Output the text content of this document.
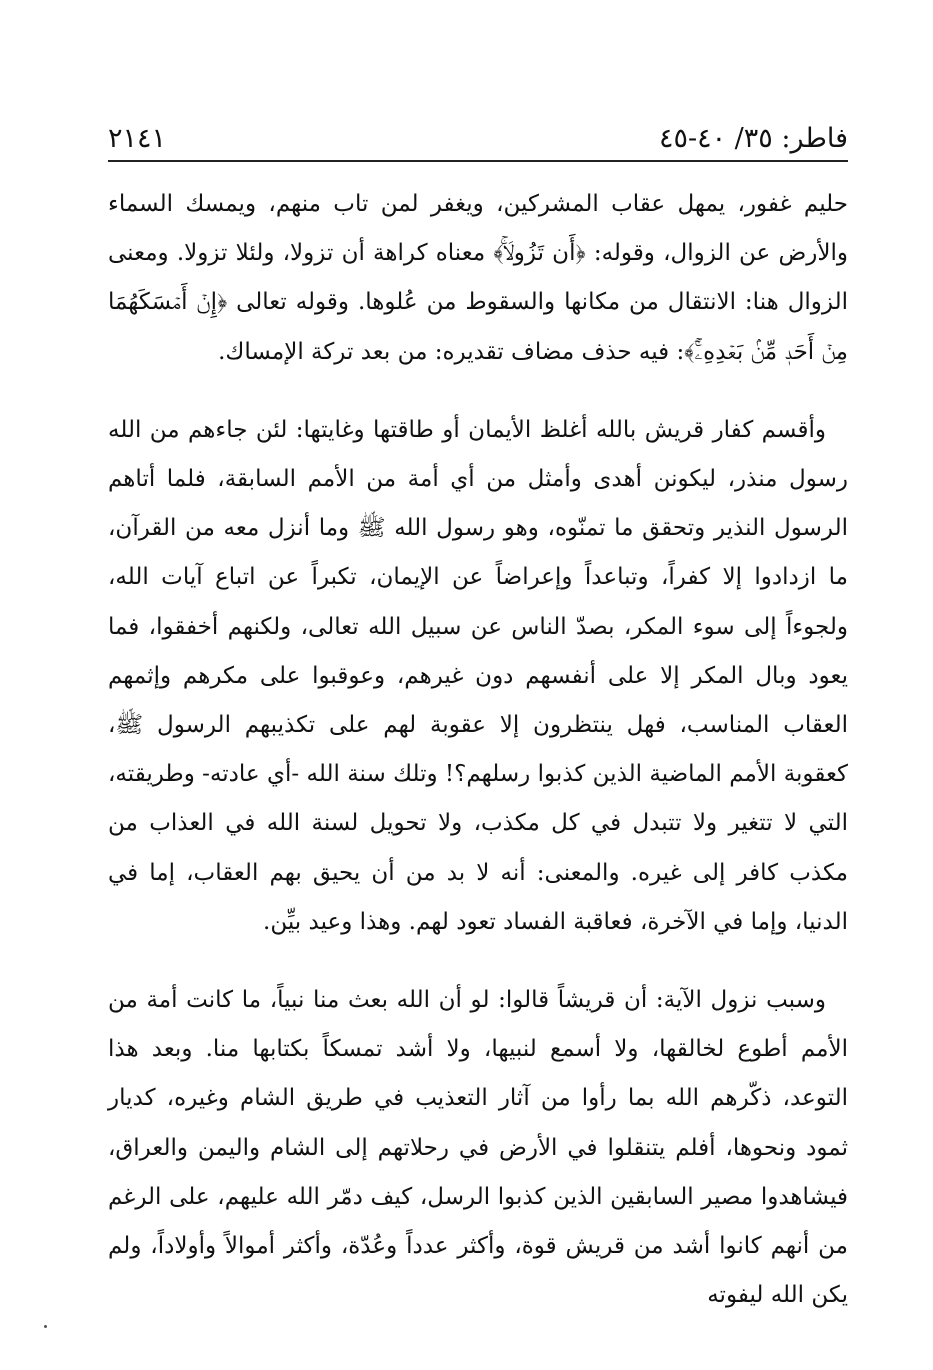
فاطر: ٣٥/ ٤٠-٤٥
٢١٤١

حليم غفور، يمهل عقاب المشركين، ويغفر لمن تاب منهم، ويمسك السماء والأرض عن الزوال، وقوله: ﴿أَن تَزُولَاۚ﴾ معناه كراهة أن تزولا، ولئلا تزولا. ومعنى الزوال هنا: الانتقال من مكانها والسقوط من عُلوها. وقوله تعالى ﴿إِنۡ أَمۡسَكَهُمَا مِنۡ أَحَدٖ مِّنۢ بَعۡدِهِۦٓۚ﴾: فيه حذف مضاف تقديره: من بعد تركة الإمساك.

وأقسم كفار قريش بالله أغلظ الأيمان أو طاقتها وغايتها: لئن جاءهم من الله رسول منذر، ليكونن أهدى وأمثل من أي أمة من الأمم السابقة، فلما أتاهم الرسول النذير وتحقق ما تمنّوه، وهو رسول الله ﷺ وما أنزل معه من القرآن، ما ازدادوا إلا كفراً، وتباعداً وإعراضاً عن الإيمان، تكبراً عن اتباع آيات الله، ولجوءاً إلى سوء المكر، بصدّ الناس عن سبيل الله تعالى، ولكنهم أخفقوا، فما يعود وبال المكر إلا على أنفسهم دون غيرهم، وعوقبوا على مكرهم وإثمهم العقاب المناسب، فهل ينتظرون إلا عقوبة لهم على تكذيبهم الرسول ﷺ، كعقوبة الأمم الماضية الذين كذبوا رسلهم؟! وتلك سنة الله -أي عادته- وطريقته، التي لا تتغير ولا تتبدل في كل مكذب، ولا تحويل لسنة الله في العذاب من مكذب كافر إلى غيره. والمعنى: أنه لا بد من أن يحيق بهم العقاب، إما في الدنيا، وإما في الآخرة، فعاقبة الفساد تعود لهم. وهذا وعيد بيِّن.

وسبب نزول الآية: أن قريشاً قالوا: لو أن الله بعث منا نبياً، ما كانت أمة من الأمم أطوع لخالقها، ولا أسمع لنبيها، ولا أشد تمسكاً بكتابها منا. وبعد هذا التوعد، ذكّرهم الله بما رأوا من آثار التعذيب في طريق الشام وغيره، كديار ثمود ونحوها، أفلم يتنقلوا في الأرض في رحلاتهم إلى الشام واليمن والعراق، فيشاهدوا مصير السابقين الذين كذبوا الرسل، كيف دمّر الله عليهم، على الرغم من أنهم كانوا أشد من قريش قوة، وأكثر عدداً وعُدّة، وأكثر أموالاً وأولاداً، ولم يكن الله ليفوته
